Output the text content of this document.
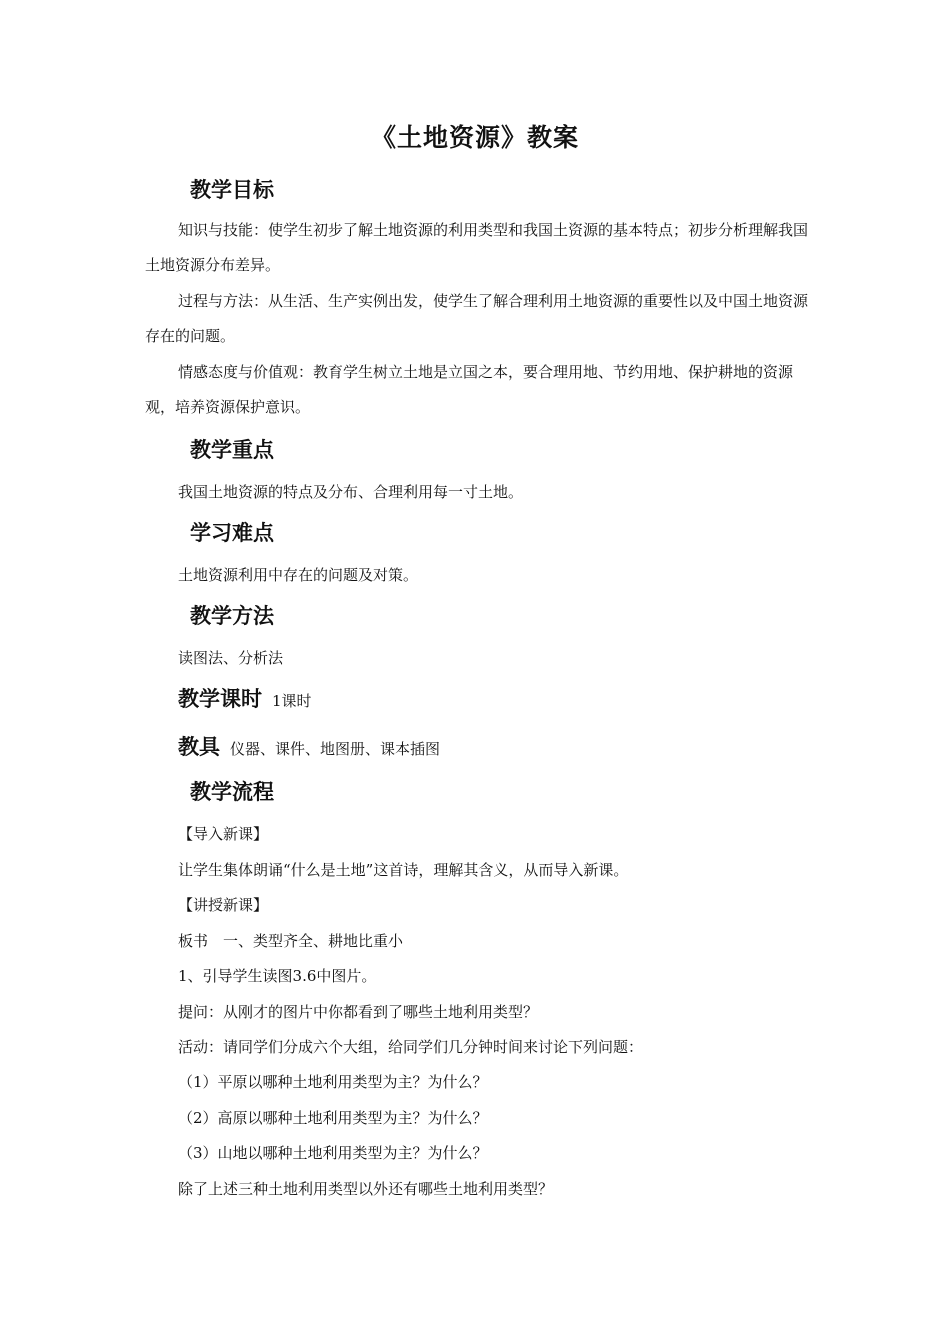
《土地资源》教案
教学目标
知识与技能：使学生初步了解土地资源的利用类型和我国土资源的基本特点；初步分析理解我国土地资源分布差异。
过程与方法：从生活、生产实例出发，使学生了解合理利用土地资源的重要性以及中国土地资源存在的问题。
情感态度与价值观：教育学生树立土地是立国之本，要合理用地、节约用地、保护耕地的资源观，培养资源保护意识。
教学重点
我国土地资源的特点及分布、合理利用每一寸土地。
学习难点
土地资源利用中存在的问题及对策。
教学方法
读图法、分析法
教学课时 1课时
教具 仪器、课件、地图册、课本插图
教学流程
【导入新课】
让学生集体朗诵“什么是土地”这首诗，理解其含义，从而导入新课。
【讲授新课】
板书　一、类型齐全、耕地比重小
1、引导学生读图3.6中图片。
提问：从刚才的图片中你都看到了哪些土地利用类型？
活动：请同学们分成六个大组，给同学们几分钟时间来讨论下列问题：
（1）平原以哪种土地利用类型为主？为什么？
（2）高原以哪种土地利用类型为主？为什么？
（3）山地以哪种土地利用类型为主？为什么？
除了上述三种土地利用类型以外还有哪些土地利用类型？
